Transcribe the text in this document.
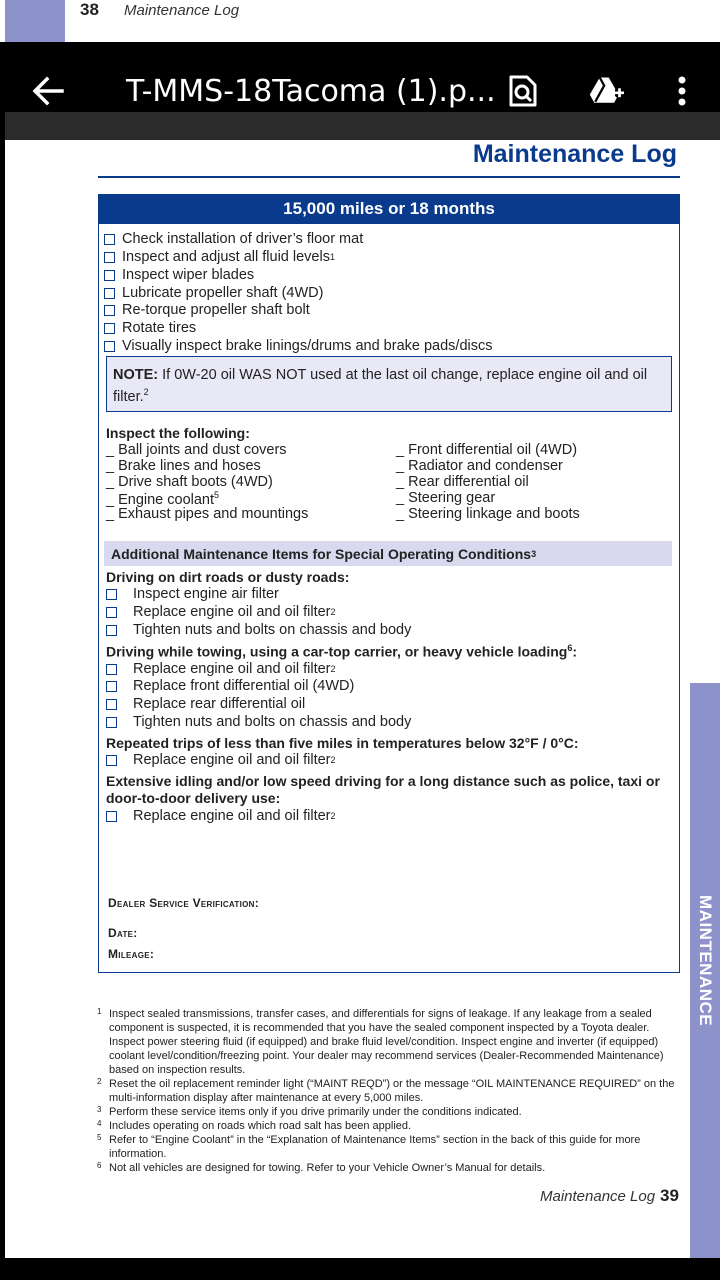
38 Maintenance Log
T-MMS-18Tacoma (1).p...
MAINTENANCE
Maintenance Log
15,000 miles or 18 months
Check installation of driver’s floor mat
Inspect and adjust all fluid levels 1
Inspect wiper blades
Lubricate propeller shaft (4WD)
Re-torque propeller shaft bolt
Rotate tires
Visually inspect brake linings/drums and brake pads/discs
NOTE: If 0W-20 oil WAS NOT used at the last oil change, replace engine oil and oil filter.$^2$
Inspect the following:
_ Ball joints and dust covers
_ Brake lines and hoses
_ Drive shaft boots (4WD)
_ Engine coolant$^5$
_ Exhaust pipes and mountings
_ Front differential oil (4WD)
_ Radiator and condenser
_ Rear differential oil
_ Steering gear
_ Steering linkage and boots
Additional Maintenance Items for Special Operating Conditions 3
Driving on dirt roads or dusty roads:
Inspect engine air filter
Replace engine oil and oil filter 2
Tighten nuts and bolts on chassis and body
Driving while towing, using a car-top carrier, or heavy vehicle loading$^6$:
Replace engine oil and oil filter 2
Replace front differential oil (4WD)
Replace rear differential oil
Tighten nuts and bolts on chassis and body
Repeated trips of less than five miles in temperatures below 32°F / 0°C:
Replace engine oil and oil filter 2
Extensive idling and/or low speed driving for a long distance such as police, taxi or
door-to-door delivery use:
Replace engine oil and oil filter 2
Dealer Service Verification:
Date:
Mileage:
1 Inspect sealed transmissions, transfer cases, and differentials for signs of leakage. If any leakage from a sealed component is suspected, it is recommended that you have the sealed component inspected by a Toyota dealer. Inspect power steering fluid (if equipped) and brake fluid level/condition. Inspect engine and inverter (if equipped) coolant level/condition/freezing point. Your dealer may recommend services (Dealer-Recommended Maintenance) based on inspection results.
2 Reset the oil replacement reminder light (“MAINT REQD”) or the message “OIL MAINTENANCE REQUIRED” on the multi-information display after maintenance at every 5,000 miles.
3 Perform these service items only if you drive primarily under the conditions indicated.
4 Includes operating on roads which road salt has been applied.
5 Refer to “Engine Coolant” in the “Explanation of Maintenance Items” section in the back of this guide for more information.
6 Not all vehicles are designed for towing. Refer to your Vehicle Owner’s Manual for details.
Maintenance Log 39
